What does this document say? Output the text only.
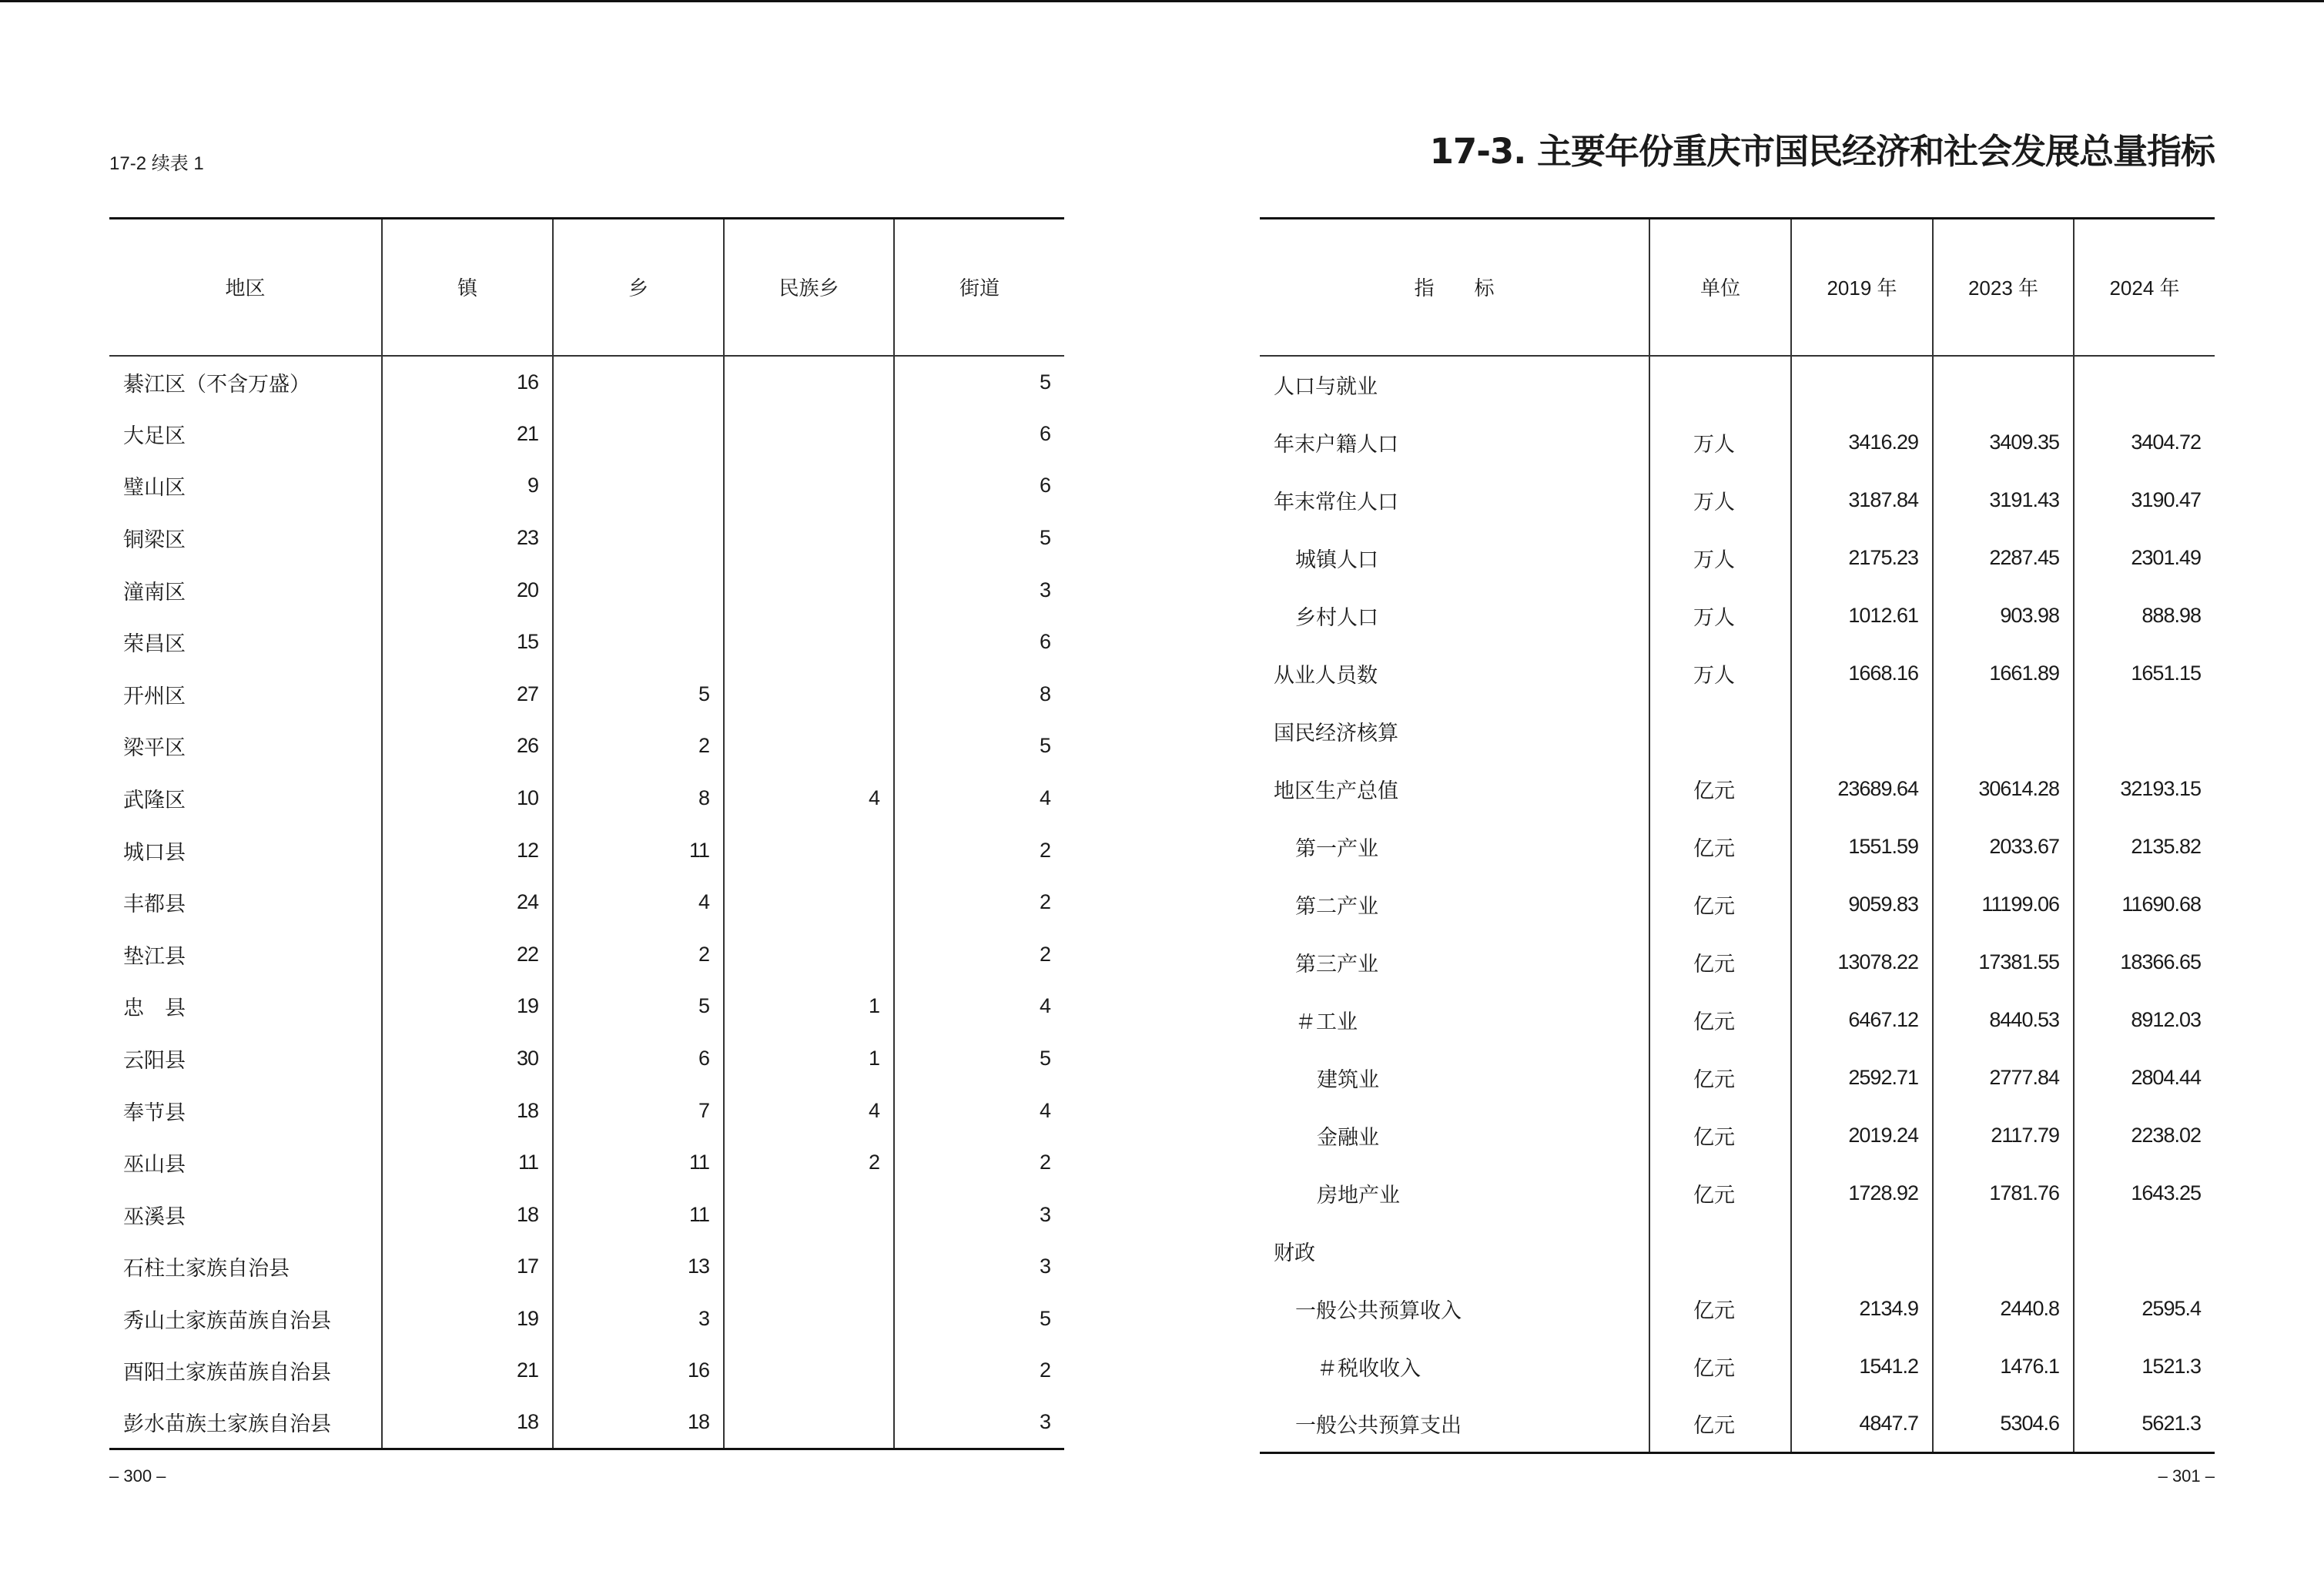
17-2 续表 1
地区	镇	乡	民族乡	街道
綦江区（不含万盛）	16			5
大足区	21			6
璧山区	9			6
铜梁区	23			5
潼南区	20			3
荣昌区	15			6
开州区	27	5		8
梁平区	26	2		5
武隆区	10	8	4	4
城口县	12	11		2
丰都县	24	4		2
垫江县	22	2		2
忠　县	19	5	1	4
云阳县	30	6	1	5
奉节县	18	7	4	4
巫山县	11	11	2	2
巫溪县	18	11		3
石柱土家族自治县	17	13		3
秀山土家族苗族自治县	19	3		5
酉阳土家族苗族自治县	21	16		2
彭水苗族土家族自治县	18	18		3
– 300 –
17-3. 主要年份重庆市国民经济和社会发展总量指标
指　　标	单位	2019 年	2023 年	2024 年
人口与就业				
年末户籍人口	万人	3416.29	3409.35	3404.72
年末常住人口	万人	3187.84	3191.43	3190.47
城镇人口	万人	2175.23	2287.45	2301.49
乡村人口	万人	1012.61	903.98	888.98
从业人员数	万人	1668.16	1661.89	1651.15
国民经济核算				
地区生产总值	亿元	23689.64	30614.28	32193.15
第一产业	亿元	1551.59	2033.67	2135.82
第二产业	亿元	9059.83	11199.06	11690.68
第三产业	亿元	13078.22	17381.55	18366.65
＃工业	亿元	6467.12	8440.53	8912.03
建筑业	亿元	2592.71	2777.84	2804.44
金融业	亿元	2019.24	2117.79	2238.02
房地产业	亿元	1728.92	1781.76	1643.25
财政				
一般公共预算收入	亿元	2134.9	2440.8	2595.4
＃税收收入	亿元	1541.2	1476.1	1521.3
一般公共预算支出	亿元	4847.7	5304.6	5621.3
– 301 –
